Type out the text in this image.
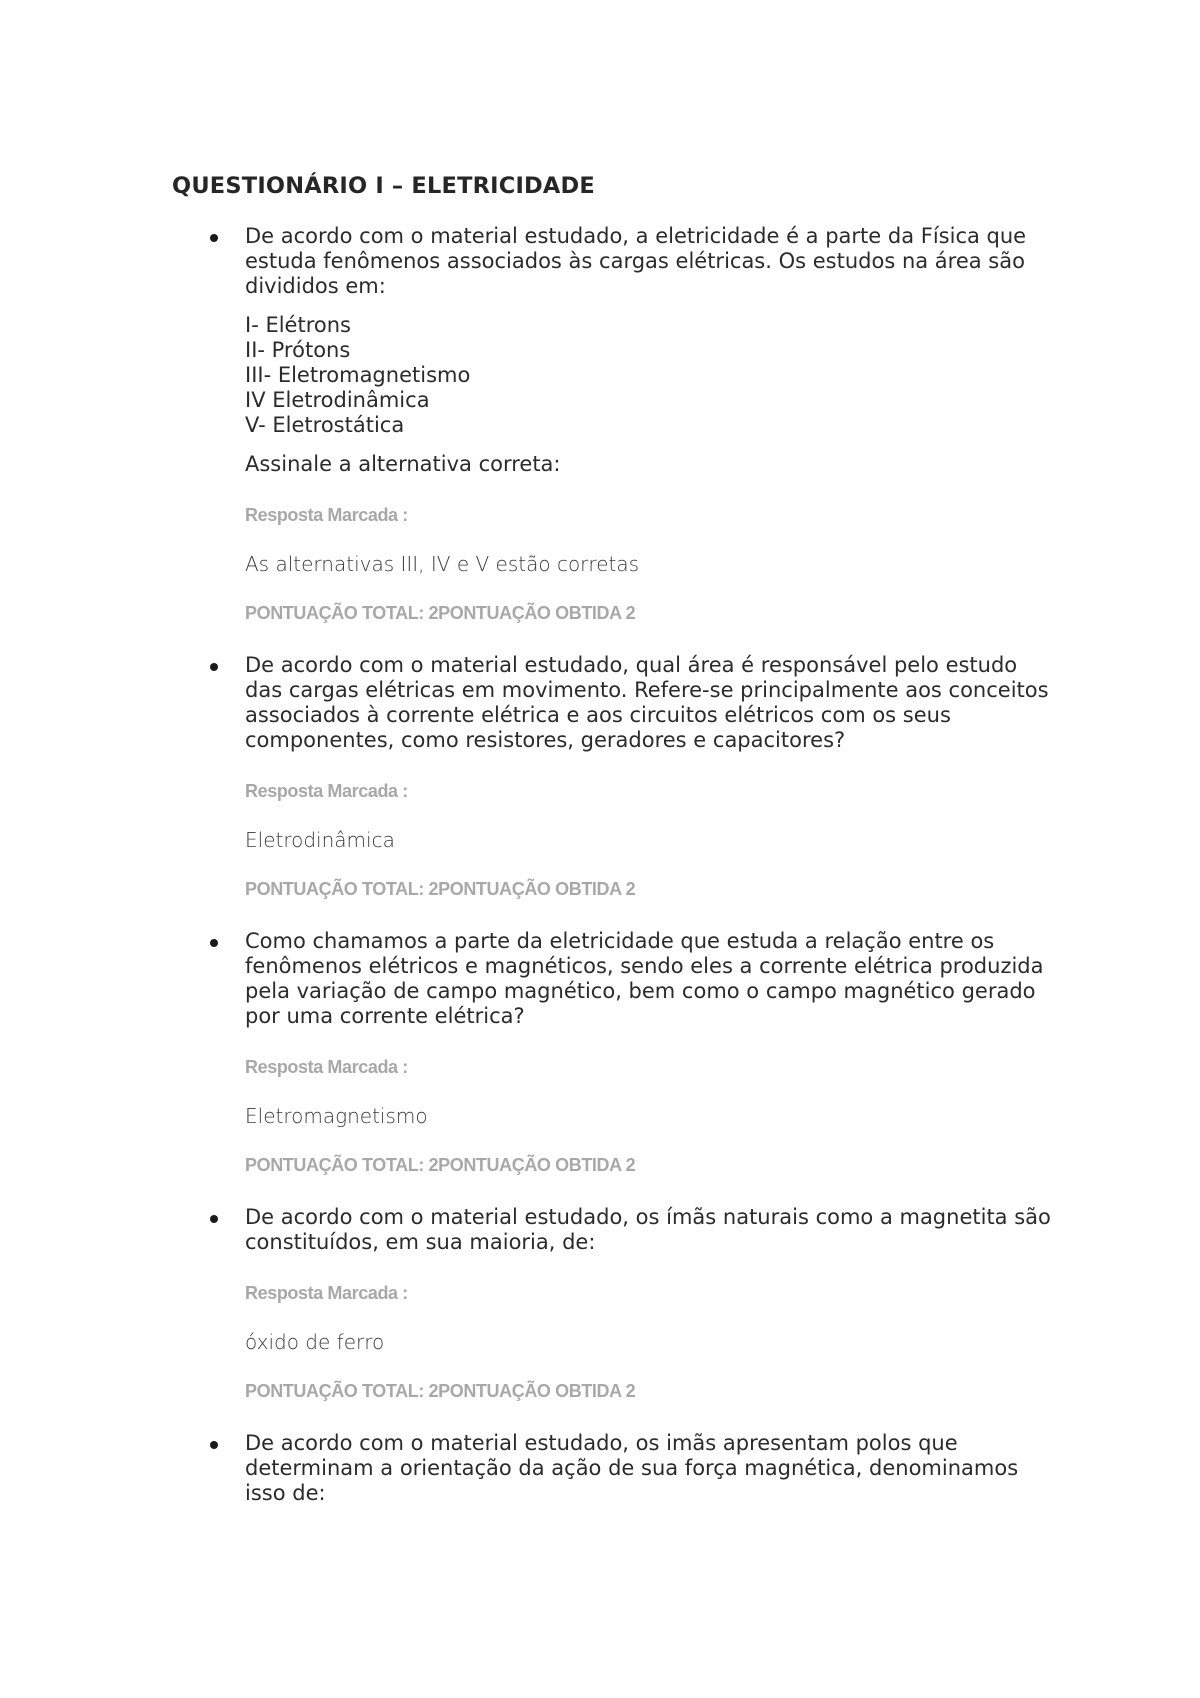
QUESTIONÁRIO I – ELETRICIDADE

De acordo com o material estudado, a eletricidade é a parte da Física que estuda fenômenos associados às cargas elétricas. Os estudos na área são divididos em:

I- Elétrons
II- Prótons
III- Eletromagnetismo
IV Eletrodinâmica
V- Eletrostática

Assinale a alternativa correta:

Resposta Marcada :

As alternativas III, IV e V estão corretas

PONTUAÇÃO TOTAL: 2PONTUAÇÃO OBTIDA 2

De acordo com o material estudado, qual área é responsável pelo estudo das cargas elétricas em movimento. Refere-se principalmente aos conceitos associados à corrente elétrica e aos circuitos elétricos com os seus componentes, como resistores, geradores e capacitores?

Resposta Marcada :

Eletrodinâmica

PONTUAÇÃO TOTAL: 2PONTUAÇÃO OBTIDA 2

Como chamamos a parte da eletricidade que estuda a relação entre os fenômenos elétricos e magnéticos, sendo eles a corrente elétrica produzida pela variação de campo magnético, bem como o campo magnético gerado por uma corrente elétrica?

Resposta Marcada :

Eletromagnetismo

PONTUAÇÃO TOTAL: 2PONTUAÇÃO OBTIDA 2

De acordo com o material estudado, os ímãs naturais como a magnetita são constituídos, em sua maioria, de:

Resposta Marcada :

óxido de ferro

PONTUAÇÃO TOTAL: 2PONTUAÇÃO OBTIDA 2

De acordo com o material estudado, os imãs apresentam polos que determinam a orientação da ação de sua força magnética, denominamos isso de:
